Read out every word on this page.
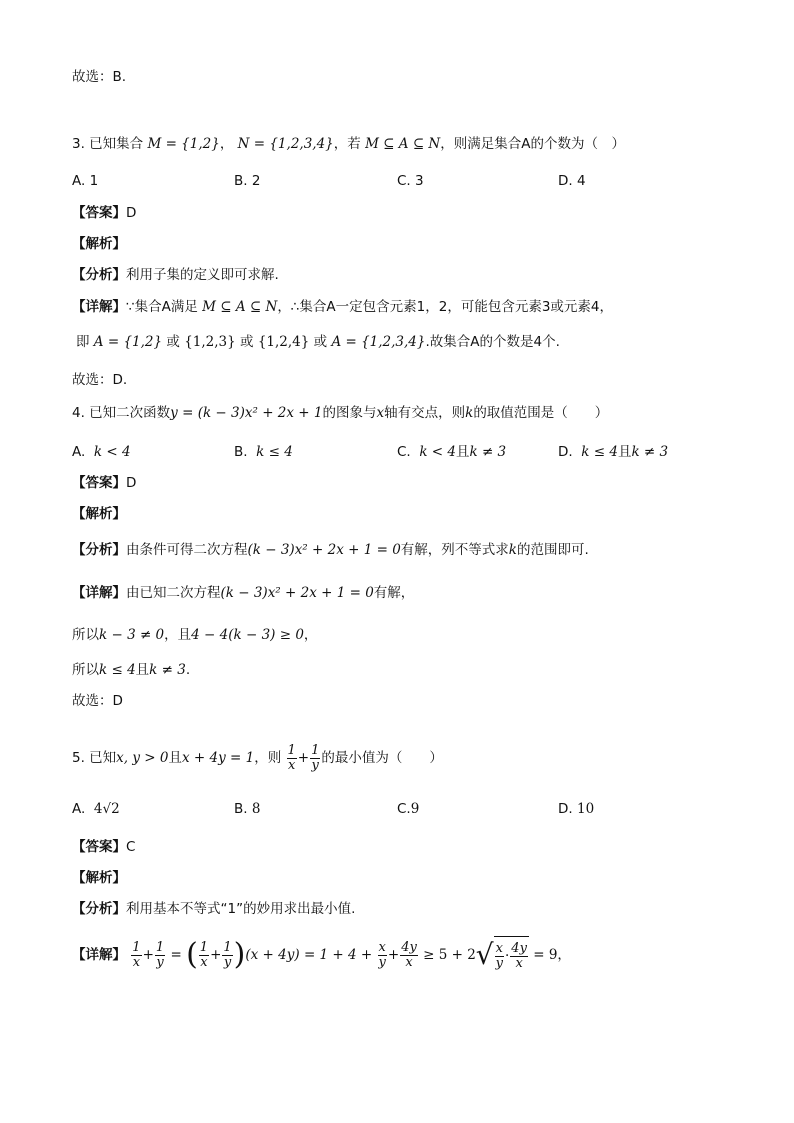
故选：B.
3. 已知集合 M = {1,2}， N = {1,2,3,4}，若 M ⊆ A ⊆ N，则满足集合A的个数为（　）
A. 1	B. 2	C. 3	D. 4
【答案】D
【解析】
【分析】利用子集的定义即可求解.
【详解】∵集合A满足 M ⊆ A ⊆ N，∴集合A一定包含元素1，2，可能包含元素3或元素4，
即 A = {1,2} 或 {1,2,3} 或 {1,2,4} 或 A = {1,2,3,4}.故集合A的个数是4个.
故选：D.
4. 已知二次函数y = (k − 3)x² + 2x + 1的图象与x轴有交点，则k的取值范围是（　　）
A. k < 4	B. k ≤ 4	C. k < 4且k ≠ 3	D. k ≤ 4且k ≠ 3
【答案】D
【解析】
【分析】由条件可得二次方程(k − 3)x² + 2x + 1 = 0有解，列不等式求k的范围即可.
【详解】由已知二次方程(k − 3)x² + 2x + 1 = 0有解，
所以k − 3 ≠ 0，且4 − 4(k − 3) ≥ 0，
所以k ≤ 4且k ≠ 3.
故选：D
5. 已知x, y > 0且x + 4y = 1，则 $\frac{1}{x} + \frac{1}{y}$ 的最小值为（　　）
A. 4√2	B. 8	C.9	D. 10
【答案】C
【解析】
【分析】利用基本不等式“1”的妙用求出最小值.
【详解】 $\frac{1}{x} + \frac{1}{y}$ = ( $\frac{1}{x} + \frac{1}{y} )(x + 4y) = 1 + 4 + \frac{x}{y} + \frac{4y}{x} \ge 5 + 2√ \frac{x}{y} \cdot \frac{4y}{x} = 9$，
